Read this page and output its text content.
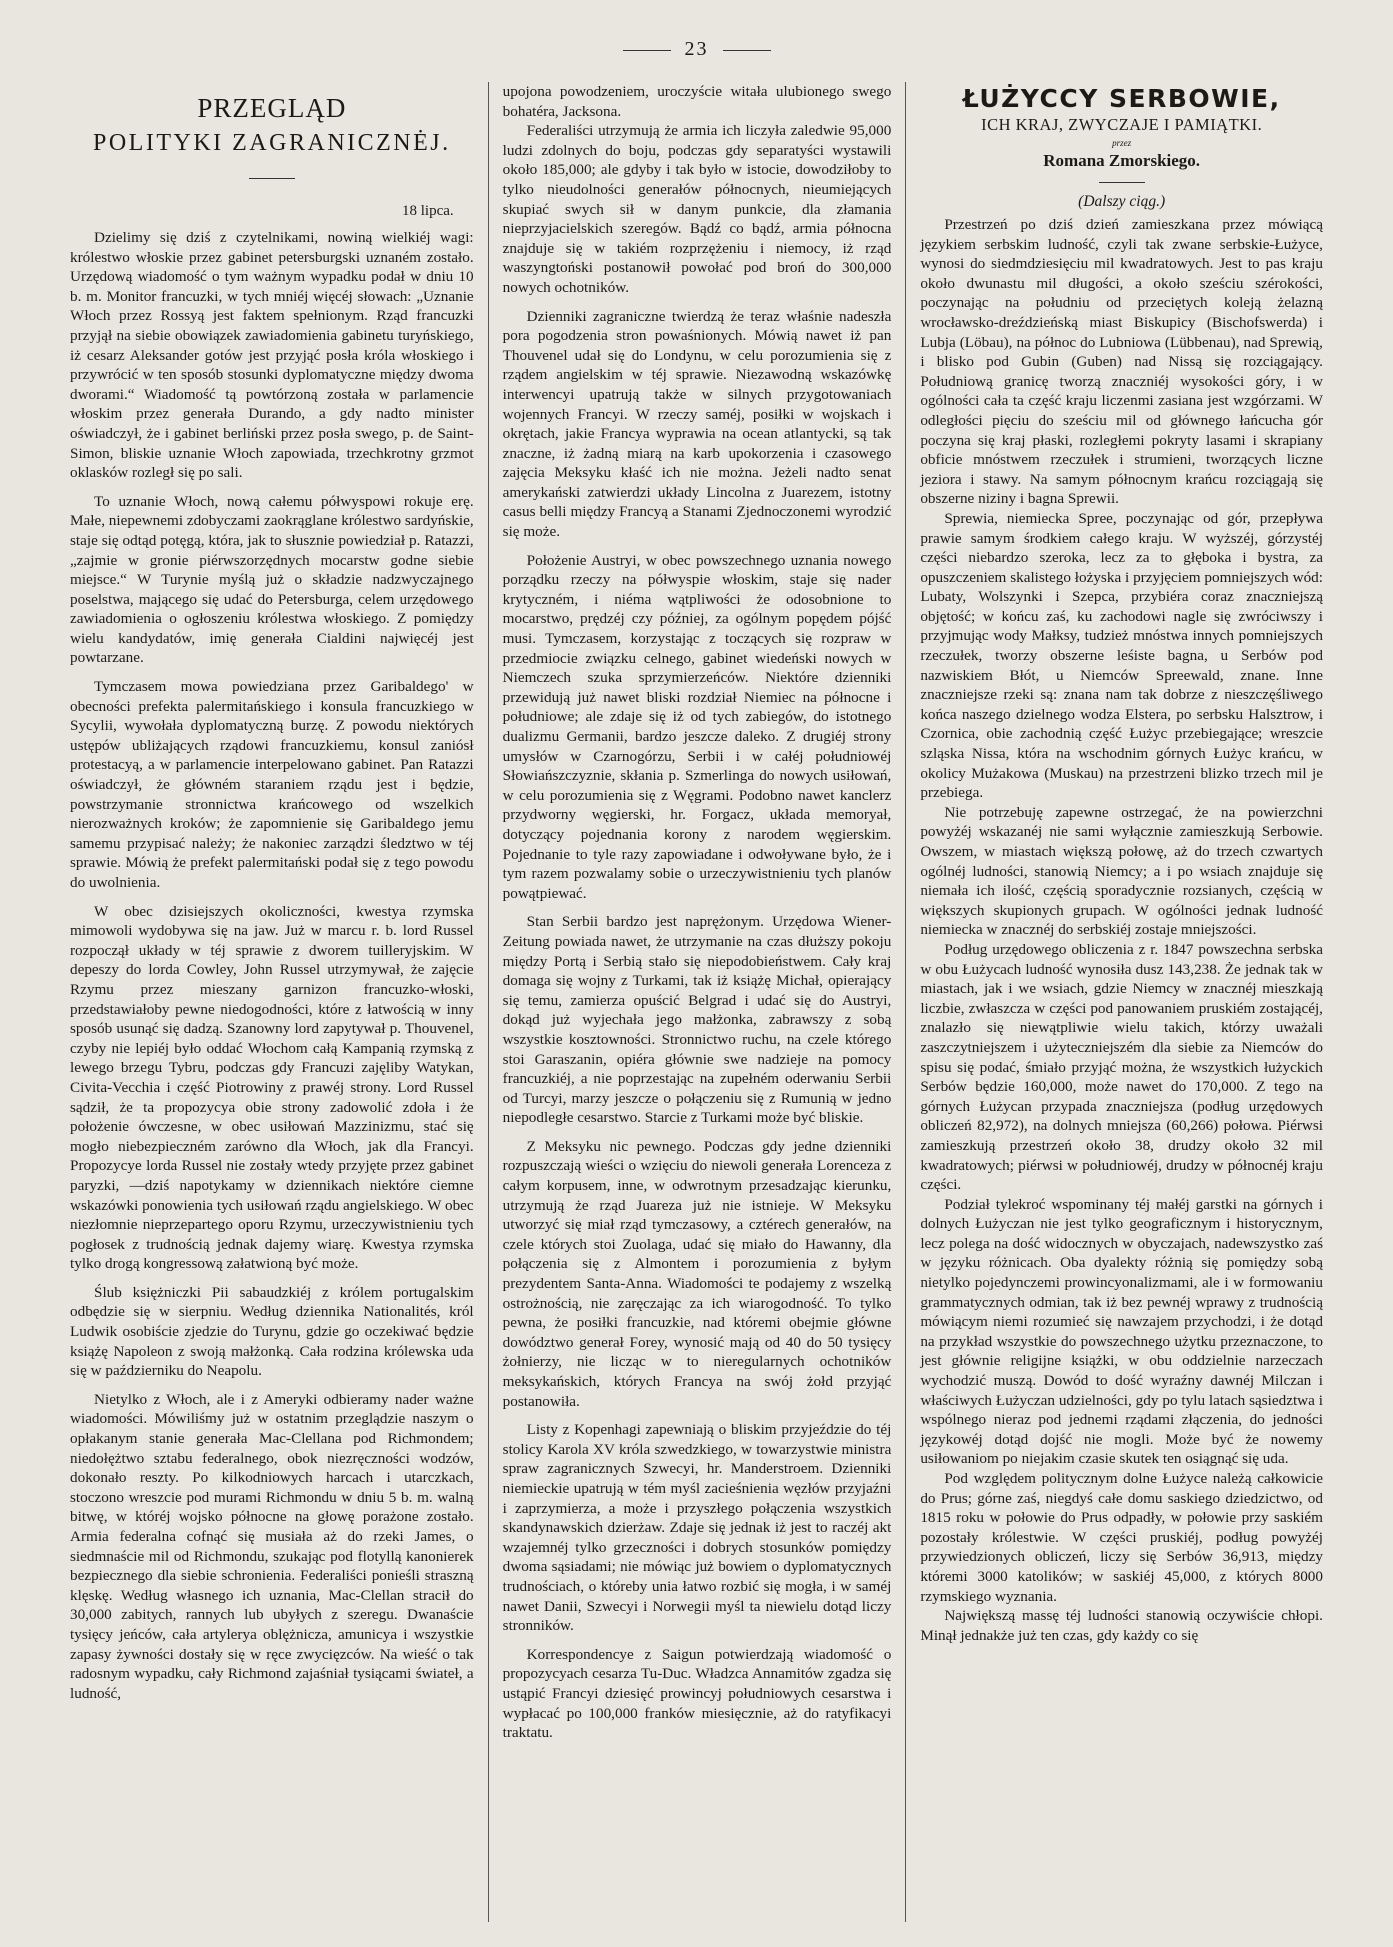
23
PRZEGLĄD
POLITYKI ZAGRANICZNĖJ.
18 lipca.

Dzielimy się dziś z czytelnikami, nowiną wielkiéj wagi: królestwo włoskie przez gabinet petersburgski uznaném zostało. Urzędową wiadomość o tym ważnym wypadku podał w dniu 10 b. m. Monitor francuzki, w tych mniéj więcéj słowach: „Uznanie Włoch przez Rossyą jest faktem spełnionym. Rząd francuzki przyjął na siebie obowiązek zawiadomienia gabinetu turyńskiego, iż cesarz Aleksander gotów jest przyjąć posła króla włoskiego i przywrócić w ten sposób stosunki dyplomatyczne między dwoma dworami.“ Wiadomość tą powtórzoną została w parlamencie włoskim przez generała Durando, a gdy nadto minister oświadczył, że i gabinet berliński przez posła swego, p. de Saint-Simon, bliskie uznanie Włoch zapowiada, trzechkrotny grzmot oklasków rozległ się po sali.

To uznanie Włoch, nową całemu półwyspowi rokuje erę. Małe, niepewnemi zdobyczami zaokrąglane królestwo sardyńskie, staje się odtąd potęgą, która, jak to słusznie powiedział p. Ratazzi, „zajmie w gronie piérwszorzędnych mocarstw godne siebie miejsce.“ W Turynie myślą już o składzie nadzwyczajnego poselstwa, mającego się udać do Petersburga, celem urzędowego zawiadomienia o ogłoszeniu królestwa włoskiego. Z pomiędzy wielu kandydatów, imię generała Cialdini najwięcéj jest powtarzane.

Tymczasem mowa powiedziana przez Garibaldego' w obecności prefekta palermitańskiego i konsula francuzkiego w Sycylii, wywołała dyplomatyczną burzę. Z powodu niektórych ustępów ubliżających rządowi francuzkiemu, konsul zaniósł protestacyą, a w parlamencie interpelowano gabinet. Pan Ratazzi oświadczył, że główném staraniem rządu jest i będzie, powstrzymanie stronnictwa krańcowego od wszelkich nierozważnych kroków; że zapomnienie się Garibaldego jemu samemu przypisać należy; że nakoniec zarządzi śledztwo w téj sprawie. Mówią że prefekt palermitański podał się z tego powodu do uwolnienia.

W obec dzisiejszych okoliczności, kwestya rzymska mimowoli wydobywa się na jaw. Już w marcu r. b. lord Russel rozpoczął układy w téj sprawie z dworem tuilleryjskim. W depeszy do lorda Cowley, John Russel utrzymywał, że zajęcie Rzymu przez mieszany garnizon francuzko-włoski, przedstawiałoby pewne niedogodności, które z łatwością w inny sposób usunąć się dadzą. Szanowny lord zapytywał p. Thouvenel, czyby nie lepiéj było oddać Włochom całą Kampanią rzymską z lewego brzegu Tybru, podczas gdy Francuzi zajęliby Watykan, Civita-Vecchia i część Piotrowiny z prawéj strony. Lord Russel sądził, że ta propozycya obie strony zadowolić zdoła i że położenie ówczesne, w obec usiłowań Mazzinizmu, stać się mogło niebezpieczném zarówno dla Włoch, jak dla Francyi. Propozycye lorda Russel nie zostały wtedy przyjęte przez gabinet paryzki, —dziś napotykamy w dziennikach niektóre ciemne wskazówki ponowienia tych usiłowań rządu angielskiego. W obec niezłomnie nieprzepartego oporu Rzymu, urzeczywistnieniu tych pogłosek z trudnością jednak dajemy wiarę. Kwestya rzymska tylko drogą kongressową załatwioną być może.

Ślub księżniczki Pii sabaudzkiéj z królem portugalskim odbędzie się w sierpniu. Według dziennika Nationalités, król Ludwik osobiście zjedzie do Turynu, gdzie go oczekiwać będzie książę Napoleon z swoją małżonką. Cała rodzina królewska uda się w październiku do Neapolu.

Nietylko z Włoch, ale i z Ameryki odbieramy nader ważne wiadomości. Mówiliśmy już w ostatnim przeglądzie naszym o opłakanym stanie generała Mac-Clellana pod Richmondem; niedołężtwo sztabu federalnego, obok niezręczności wodzów, dokonało reszty. Po kilkodniowych harcach i utarczkach, stoczono wreszcie pod murami Richmondu w dniu 5 b. m. walną bitwę, w któréj wojsko północne na głowę porażone zostało. Armia federalna cofnąć się musiała aż do rzeki James, o siedmnaście mil od Richmondu, szukając pod flotyllą kanonierek bezpiecznego dla siebie schronienia. Federaliści ponieśli straszną klęskę. Według własnego ich uznania, Mac-Clellan stracił do 30,000 zabitych, rannych lub ubyłych z szeregu. Dwanaście tysięcy jeńców, cała artylerya oblężnicza, amunicya i wszystkie zapasy żywności dostały się w ręce zwycięzców. Na wieść o tak radosnym wypadku, cały Richmond zajaśniał tysiącami świateł, a ludność,

upojona powodzeniem, uroczyście witała ulubionego swego bohatéra, Jacksona.

Federaliści utrzymują że armia ich liczyła zaledwie 95,000 ludzi zdolnych do boju, podczas gdy separatyści wystawili około 185,000; ale gdyby i tak było w istocie, dowodziłoby to tylko nieudolności generałów północnych, nieumiejących skupiać swych sił w danym punkcie, dla złamania nieprzyjacielskich szeregów. Bądź co bądź, armia północna znajduje się w takiém rozprzężeniu i niemocy, iż rząd waszyngtoński postanowił powołać pod broń do 300,000 nowych ochotników.

Dzienniki zagraniczne twierdzą że teraz właśnie nadeszła pora pogodzenia stron powaśnionych. Mówią nawet iż pan Thouvenel udał się do Londynu, w celu porozumienia się z rządem angielskim w téj sprawie. Niezawodną wskazówkę interwencyi upatrują także w silnych przygotowaniach wojennych Francyi. W rzeczy saméj, posiłki w wojskach i okrętach, jakie Francya wyprawia na ocean atlantycki, są tak znaczne, iż żadną miarą na karb upokorzenia i czasowego zajęcia Meksyku kłaść ich nie można. Jeżeli nadto senat amerykański zatwierdzi układy Lincolna z Juarezem, istotny casus belli między Francyą a Stanami Zjednoczonemi wyrodzić się może.

Położenie Austryi, w obec powszechnego uznania nowego porządku rzeczy na półwyspie włoskim, staje się nader krytyczném, i niéma wątpliwości że odosobnione to mocarstwo, prędzéj czy później, za ogólnym popędem pójść musi. Tymczasem, korzystając z toczących się rozpraw w przedmiocie związku celnego, gabinet wiedeński nowych w Niemczech szuka sprzymierzeńców. Niektóre dzienniki przewidują już nawet bliski rozdział Niemiec na północne i południowe; ale zdaje się iż od tych zabiegów, do istotnego dualizmu Germanii, bardzo jeszcze daleko. Z drugiéj strony umysłów w Czarnogórzu, Serbii i w całéj południowéj Słowiańszczyznie, skłania p. Szmerlinga do nowych usiłowań, w celu porozumienia się z Węgrami. Podobno nawet kanclerz przydworny węgierski, hr. Forgacz, układa memoryał, dotyczący pojednania korony z narodem węgierskim. Pojednanie to tyle razy zapowiadane i odwoływane było, że i tym razem pozwalamy sobie o urzeczywistnieniu tych planów powątpiewać.

Stan Serbii bardzo jest naprężonym. Urzędowa Wiener-Zeitung powiada nawet, że utrzymanie na czas dłuższy pokoju między Portą i Serbią stało się niepodobieństwem. Cały kraj domaga się wojny z Turkami, tak iż książę Michał, opierający się temu, zamierza opuścić Belgrad i udać się do Austryi, dokąd już wyjechała jego małżonka, zabrawszy z sobą wszystkie kosztowności. Stronnictwo ruchu, na czele którego stoi Garaszanin, opiéra głównie swe nadzieje na pomocy francuzkiéj, a nie poprzestając na zupełném oderwaniu Serbii od Turcyi, marzy jeszcze o połączeniu się z Rumunią w jedno niepodległe cesarstwo. Starcie z Turkami może być bliskie.

Z Meksyku nic pewnego. Podczas gdy jedne dzienniki rozpuszczają wieści o wzięciu do niewoli generała Lorenceza z całym korpusem, inne, w odwrotnym przesadzając kierunku, utrzymują że rząd Juareza już nie istnieje. W Meksyku utworzyć się miał rząd tymczasowy, a cztérech generałów, na czele których stoi Zuolaga, udać się miało do Hawanny, dla połączenia się z Almontem i porozumienia z byłym prezydentem Santa-Anna. Wiadomości te podajemy z wszelką ostrożnością, nie zaręczając za ich wiarogodność. To tylko pewna, że posiłki francuzkie, nad któremi obejmie główne dowództwo generał Forey, wynosić mają od 40 do 50 tysięcy żołnierzy, nie licząc w to nieregularnych ochotników meksykańskich, których Francya na swój żołd przyjąć postanowiła.

Listy z Kopenhagi zapewniają o bliskim przyjeździe do téj stolicy Karola XV króla szwedzkiego, w towarzystwie ministra spraw zagranicznych Szwecyi, hr. Manderstroem. Dzienniki niemieckie upatrują w tém myśl zacieśnienia węzłów przyjaźni i zaprzymierza, a może i przyszłego połączenia wszystkich skandynawskich dzierżaw. Zdaje się jednak iż jest to raczéj akt wzajemnéj tylko grzeczności i dobrych stosunków pomiędzy dwoma sąsiadami; nie mówiąc już bowiem o dyplomatycznych trudnościach, o któreby unia łatwo rozbić się mogła, i w saméj nawet Danii, Szwecyi i Norwegii myśl ta niewielu dotąd liczy stronników.

Korrespondencye z Saigun potwierdzają wiadomość o propozycyach cesarza Tu-Duc. Władzca Annamitów zgadza się ustąpić Francyi dziesięć prowincyj południowych cesarstwa i wypłacać po 100,000 franków miesięcznie, aż do ratyfikacyi traktatu.

ŁUŻYCCY SERBOWIE,
ICH KRAJ, ZWYCZAJE I PAMIĄTKI.
przez
Romana Zmorskiego.
(Dalszy ciąg.)

Przestrzeń po dziś dzień zamieszkana przez mówiącą językiem serbskim ludność, czyli tak zwane serbskie-Łużyce, wynosi do siedmdziesięciu mil kwadratowych. Jest to pas kraju około dwunastu mil długości, a około sześciu szérokości, poczynając na południu od przeciętych koleją żelazną wrocławsko-dreździeńską miast Biskupicy (Bischofswerda) i Lubja (Löbau), na północ do Lubniowa (Lübbenau), nad Sprewią, i blisko pod Gubin (Guben) nad Nissą się rozciągający. Południową granicę tworzą znaczniéj wysokości góry, i w ogólności cała ta część kraju liczenmi zasiana jest wzgórzami. W odległości pięciu do sześciu mil od głównego łańcucha gór poczyna się kraj płaski, rozległemi pokryty lasami i skrapiany obficie mnóstwem rzeczułek i strumieni, tworzących liczne jeziora i stawy. Na samym północnym krańcu rozciągają się obszerne niziny i bagna Sprewii.

Sprewia, niemiecka Spree, poczynając od gór, przepływa prawie samym środkiem całego kraju. W wyższéj, górzystéj części niebardzo szeroka, lecz za to głęboka i bystra, za opuszczeniem skalistego łożyska i przyjęciem pomniejszych wód: Lubaty, Wolszynki i Szepca, przybiéra coraz znaczniejszą objętość; w końcu zaś, ku zachodowi nagle się zwróciwszy i przyjmując wody Małksy, tudzież mnóstwa innych pomniejszych rzeczułek, tworzy obszerne leśiste bagna, u Serbów pod nazwiskiem Błót, u Niemców Spreewald, znane. Inne znaczniejsze rzeki są: znana nam tak dobrze z nieszczęśliwego końca naszego dzielnego wodza Elstera, po serbsku Halsztrow, i Czornica, obie zachodnią część Łużyc przebiegające; wreszcie szląska Nissa, która na wschodnim górnych Łużyc krańcu, w okolicy Mużakowa (Muskau) na przestrzeni blizko trzech mil je przebiega.

Nie potrzebuję zapewne ostrzegać, że na powierzchni powyżéj wskazanéj nie sami wyłącznie zamieszkują Serbowie. Owszem, w miastach większą połowę, aż do trzech czwartych ogólnéj ludności, stanowią Niemcy; a i po wsiach znajduje się niemała ich ilość, częścią sporadycznie rozsianych, częścią w większych skupionych grupach. W ogólności jednak ludność niemiecka w znacznéj do serbskiéj zostaje mniejszości.

Podług urzędowego obliczenia z r. 1847 powszechna serbska w obu Łużycach ludność wynosiła dusz 143,238. Że jednak tak w miastach, jak i we wsiach, gdzie Niemcy w znacznéj mieszkają liczbie, zwłaszcza w części pod panowaniem pruskiém zostającéj, znalazło się niewątpliwie wielu takich, którzy uważali zaszczytniejszem i użyteczniejszém dla siebie za Niemców do spisu się podać, śmiało przyjąć można, że wszystkich łużyckich Serbów będzie 160,000, może nawet do 170,000. Z tego na górnych Łużycan przypada znaczniejsza (podług urzędowych obliczeń 82,972), na dolnych mniejsza (60,266) połowa. Piérwsi zamieszkują przestrzeń około 38, drudzy około 32 mil kwadratowych; piérwsi w południowéj, drudzy w północnéj kraju części.

Podział tylekroć wspominany téj małéj garstki na górnych i dolnych Łużyczan nie jest tylko geograficznym i historycznym, lecz polega na dość widocznych w obyczajach, nadewszystko zaś w języku różnicach. Oba dyalekty różnią się pomiędzy sobą nietylko pojedynczemi prowincyonalizmami, ale i w formowaniu grammatycznych odmian, tak iż bez pewnéj wprawy z trudnością mówiącym niemi rozumieć się nawzajem przychodzi, i że dotąd na przykład wszystkie do powszechnego użytku przeznaczone, to jest głównie religijne książki, w obu oddzielnie narzeczach wychodzić muszą. Dowód to dość wyraźny dawnéj Milczan i właściwych Łużyczan udzielności, gdy po tylu latach sąsiedztwa i wspólnego nieraz pod jednemi rządami złączenia, do jedności językowéj dotąd dojść nie mogli. Może być że nowemy usiłowaniom po niejakim czasie skutek ten osiągnąć się uda.

Pod względem politycznym dolne Łużyce należą całkowicie do Prus; górne zaś, niegdyś całe domu saskiego dziedzictwo, od 1815 roku w połowie do Prus odpadły, w połowie przy saskiém pozostały królestwie. W części pruskiéj, podług powyżéj przywiedzionych obliczeń, liczy się Serbów 36,913, między któremi 3000 katolików; w saskiéj 45,000, z których 8000 rzymskiego wyznania.

Największą massę téj ludności stanowią oczywiście chłopi. Minął jednakże już ten czas, gdy każdy co się
